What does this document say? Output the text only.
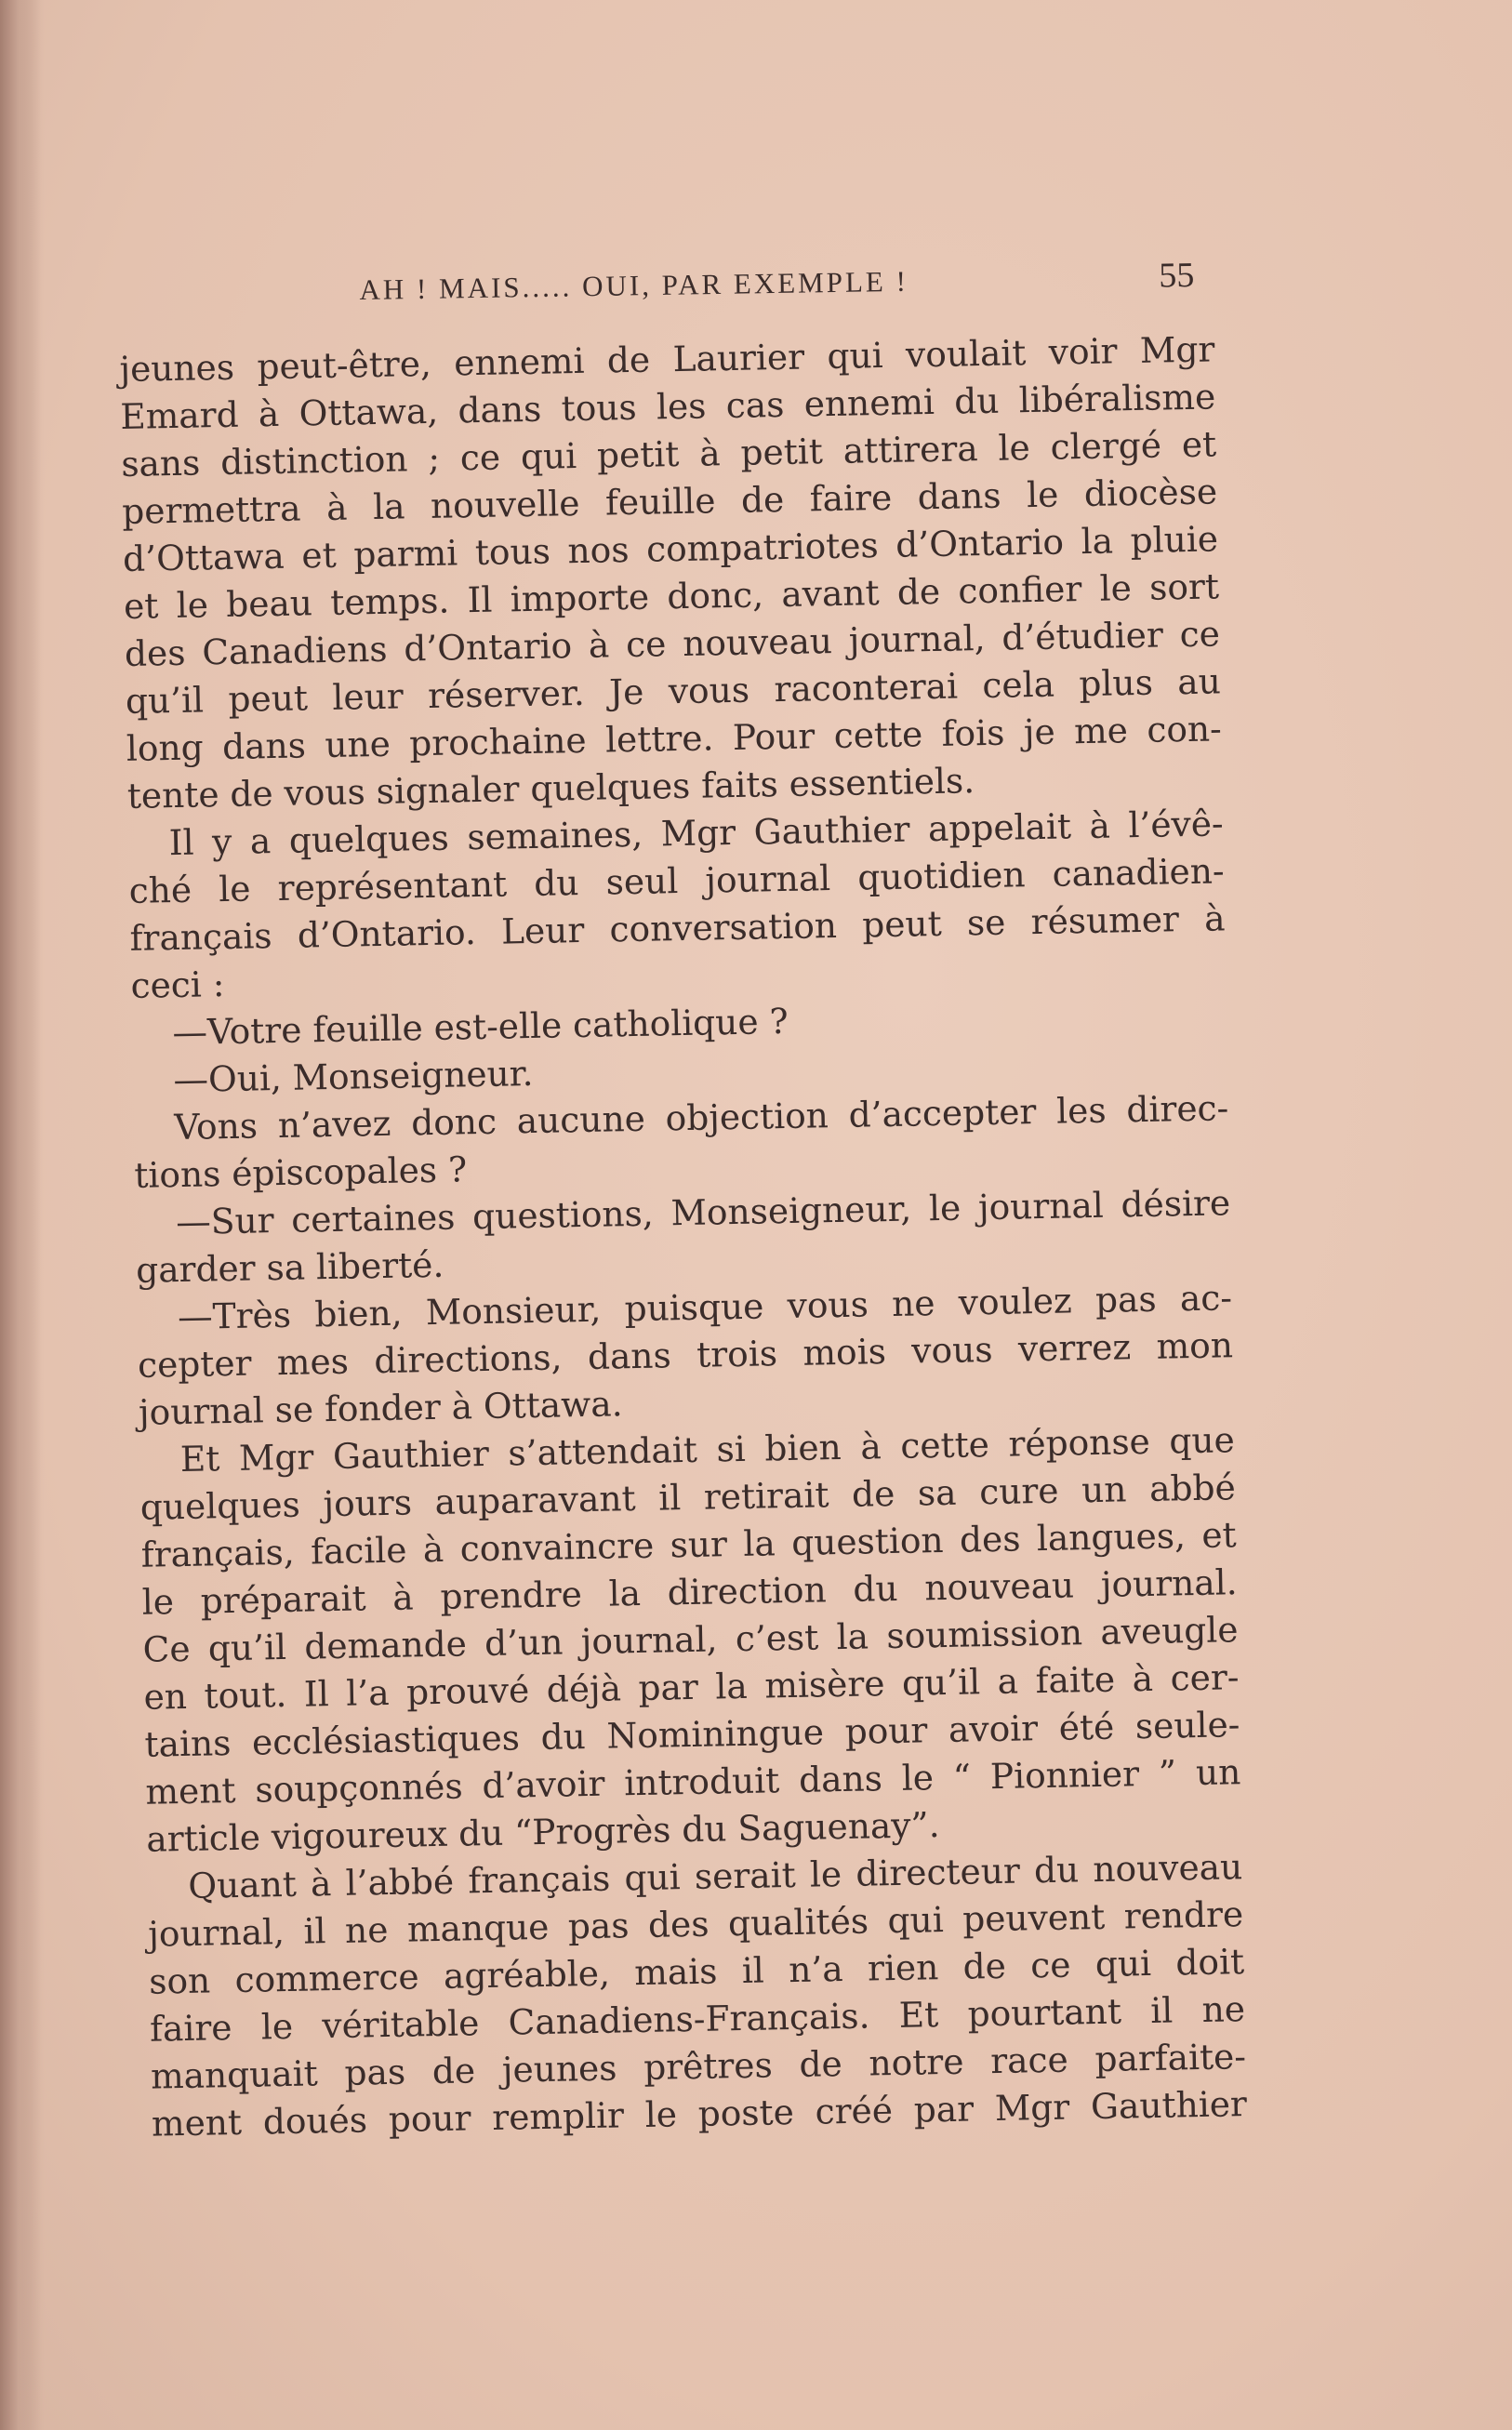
AH ! MAIS..... OUI, PAR EXEMPLE !	55
jeunes peut-être, ennemi de Laurier qui voulait voir Mgr
Emard à Ottawa, dans tous les cas ennemi du libéralisme
sans distinction ; ce qui petit à petit attirera le clergé et
permettra à la nouvelle feuille de faire dans le diocèse
d’Ottawa et parmi tous nos compatriotes d’Ontario la pluie
et le beau temps. Il importe donc, avant de confier le sort
des Canadiens d’Ontario à ce nouveau journal, d’étudier ce
qu’il peut leur réserver. Je vous raconterai cela plus au
long dans une prochaine lettre. Pour cette fois je me con-
tente de vous signaler quelques faits essentiels.
Il y a quelques semaines, Mgr Gauthier appelait à l’évê-
ché le représentant du seul journal quotidien canadien-
français d’Ontario. Leur conversation peut se résumer à
ceci :
—Votre feuille est-elle catholique ?
—Oui, Monseigneur.
Vons n’avez donc aucune objection d’accepter les direc-
tions épiscopales ?
—Sur certaines questions, Monseigneur, le journal désire
garder sa liberté.
—Très bien, Monsieur, puisque vous ne voulez pas ac-
cepter mes directions, dans trois mois vous verrez mon
journal se fonder à Ottawa.
Et Mgr Gauthier s’attendait si bien à cette réponse que
quelques jours auparavant il retirait de sa cure un abbé
français, facile à convaincre sur la question des langues, et
le préparait à prendre la direction du nouveau journal.
Ce qu’il demande d’un journal, c’est la soumission aveugle
en tout. Il l’a prouvé déjà par la misère qu’il a faite à cer-
tains ecclésiastiques du Nominingue pour avoir été seule-
ment soupçonnés d’avoir introduit dans le “ Pionnier ” un
article vigoureux du “Progrès du Saguenay”.
Quant à l’abbé français qui serait le directeur du nouveau
journal, il ne manque pas des qualités qui peuvent rendre
son commerce agréable, mais il n’a rien de ce qui doit
faire le véritable Canadiens-Français. Et pourtant il ne
manquait pas de jeunes prêtres de notre race parfaite-
ment doués pour remplir le poste créé par Mgr Gauthier
